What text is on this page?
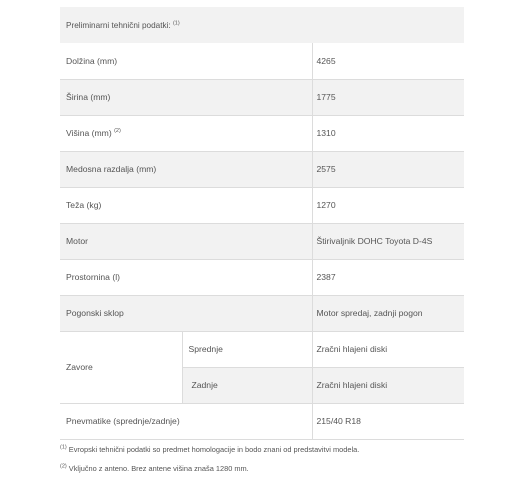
Preliminarni tehnični podatki: $^{(1)}$
Dolžina (mm)		4265
Širina (mm)		1775
Višina (mm) $^{(2)}$		1310
Medosna razdalja (mm)		2575
Teža (kg)		1270
Motor		Štirivaljnik DOHC Toyota D-4S
Prostornina (l)		2387
Pogonski sklop		Motor spredaj, zadnji pogon
Zavore	Sprednje	Zračni hlajeni diski
	Zadnje	Zračni hlajeni diski
Pnevmatike (sprednje/zadnje)		215/40 R18
$^{(1)}$ Evropski tehnični podatki so predmet homologacije in bodo znani od predstavitvi modela.
$^{(2)}$ Vključno z anteno. Brez antene višina znaša 1280 mm.
